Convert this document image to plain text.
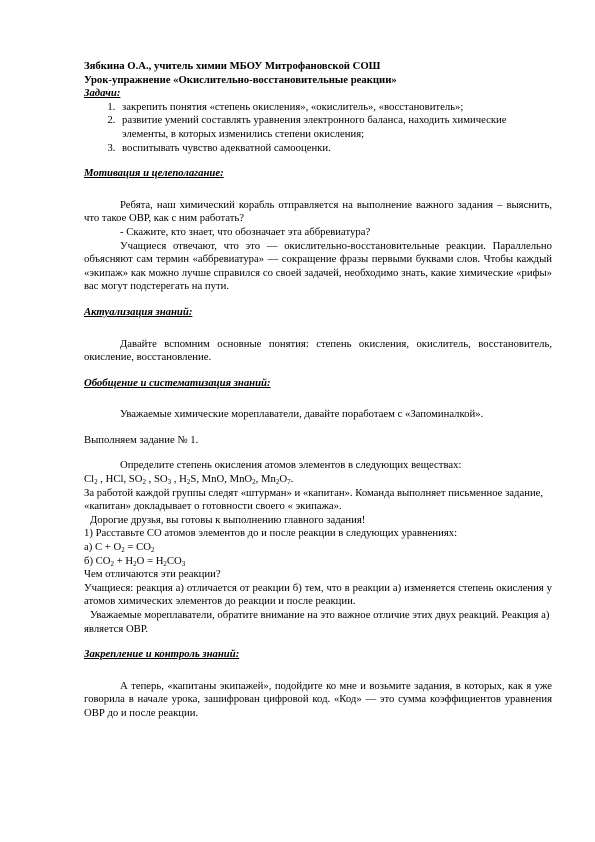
Зябкина О.А., учитель химии МБОУ Митрофановской СОШ

Урок-упражнение «Окислительно-восстановительные реакции»

Задачи:

1. закрепить понятия «степень окисления», «окислитель», «восстановитель»;
2. развитие умений составлять уравнения электронного баланса, находить химические элементы, в которых изменились степени окисления;
3. воспитывать чувство адекватной самооценки.

Мотивация и целеполагание:

Ребята, наш химический корабль отправляется на выполнение важного задания – выяснить, что такое ОВР, как с ним работать?

- Скажите, кто знает, что обозначает эта аббревиатура?

Учащиеся отвечают, что это — окислительно-восстановительные реакции. Параллельно объясняют сам термин «аббревиатура» — сокращение фразы первыми буквами слов. Чтобы каждый «экипаж» как можно лучше справился со своей задачей, необходимо знать, какие химические «рифы» вас могут подстерегать на пути.

Актуализация знаний:

Давайте вспомним основные понятия: степень окисления, окислитель, восстановитель, окисление, восстановление.

Обобщение и систематизация знаний:

Уважаемые химические мореплаватели, давайте поработаем с «Запоминалкой».

Выполняем задание № 1.

Определите степень окисления атомов элементов в следующих веществах:

$Cl_2$ , HCl, $SO_2$ , $SO_3$ , $H_2S$, MnO, MnO$_2$, $Mn_2O_7$.

За работой каждой группы следят «штурман» и «капитан». Команда выполняет письменное задание, «капитан» докладывает о готовности своего « экипажа».

Дорогие друзья, вы готовы к выполнению главного задания!

1) Расставьте СО атомов элементов до и после реакции в следующих уравнениях:

а) $C + O_2 = CO_2$

б) $CO_2 + H_2O = H_2CO_3$

Чем отличаются эти реакции?

Учащиеся: реакция а) отличается от реакции б) тем, что в реакции а) изменяется степень окисления у атомов химических элементов до реакции и после реакции.

Уважаемые мореплаватели, обратите внимание на это важное отличие этих двух реакций. Реакция а) является ОВР.

Закрепление и контроль знаний:

А теперь, «капитаны экипажей», подойдите ко мне и возьмите задания, в которых, как я уже говорила в начале урока, зашифрован цифровой код. «Код» — это сумма коэффициентов уравнения ОВР до и после реакции.
